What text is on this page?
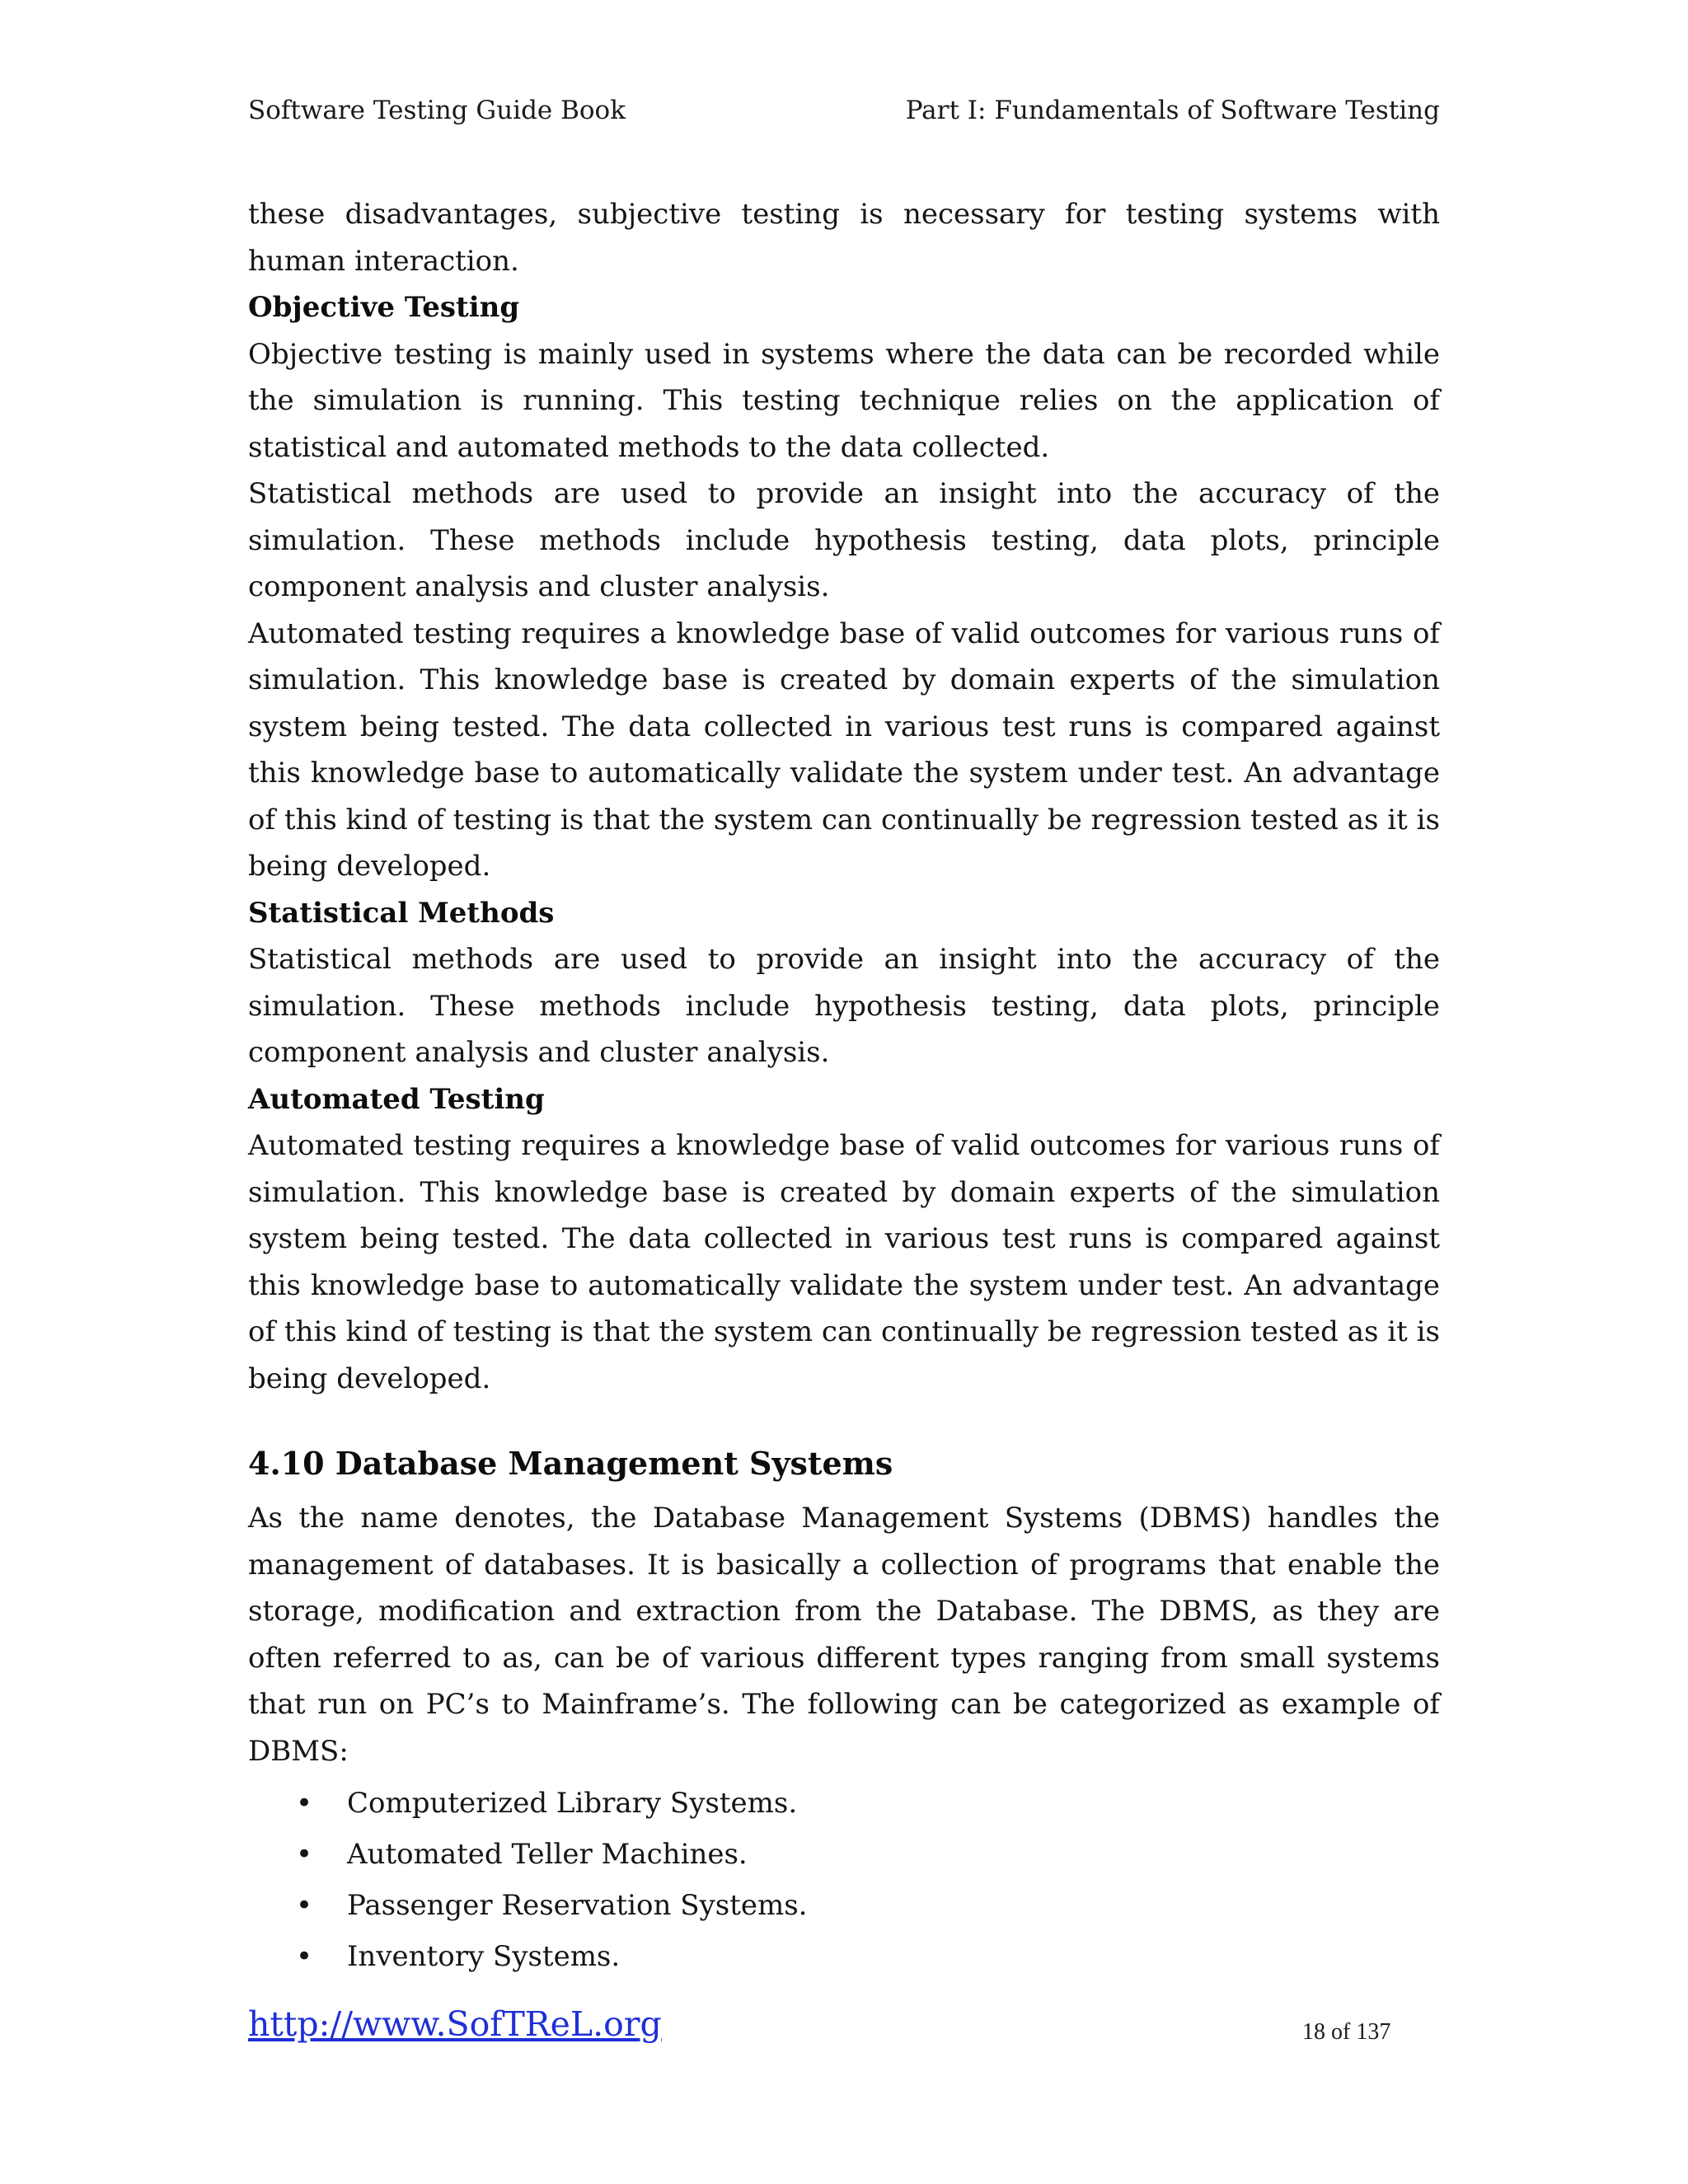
Software Testing Guide Book	Part I: Fundamentals of Software Testing

these disadvantages, subjective testing is necessary for testing systems with human interaction.

Objective Testing

Objective testing is mainly used in systems where the data can be recorded while the simulation is running. This testing technique relies on the application of statistical and automated methods to the data collected.

Statistical methods are used to provide an insight into the accuracy of the simulation. These methods include hypothesis testing, data plots, principle component analysis and cluster analysis.

Automated testing requires a knowledge base of valid outcomes for various runs of simulation. This knowledge base is created by domain experts of the simulation system being tested. The data collected in various test runs is compared against this knowledge base to automatically validate the system under test. An advantage of this kind of testing is that the system can continually be regression tested as it is being developed.

Statistical Methods

Statistical methods are used to provide an insight into the accuracy of the simulation. These methods include hypothesis testing, data plots, principle component analysis and cluster analysis.

Automated Testing

Automated testing requires a knowledge base of valid outcomes for various runs of simulation. This knowledge base is created by domain experts of the simulation system being tested. The data collected in various test runs is compared against this knowledge base to automatically validate the system under test. An advantage of this kind of testing is that the system can continually be regression tested as it is being developed.

4.10 Database Management Systems

As the name denotes, the Database Management Systems (DBMS) handles the management of databases. It is basically a collection of programs that enable the storage, modification and extraction from the Database. The DBMS, as they are often referred to as, can be of various different types ranging from small systems that run on PC’s to Mainframe’s. The following can be categorized as example of DBMS:

• Computerized Library Systems.
• Automated Teller Machines.
• Passenger Reservation Systems.
• Inventory Systems.
http://www.SofTReL.org	18 of 137
